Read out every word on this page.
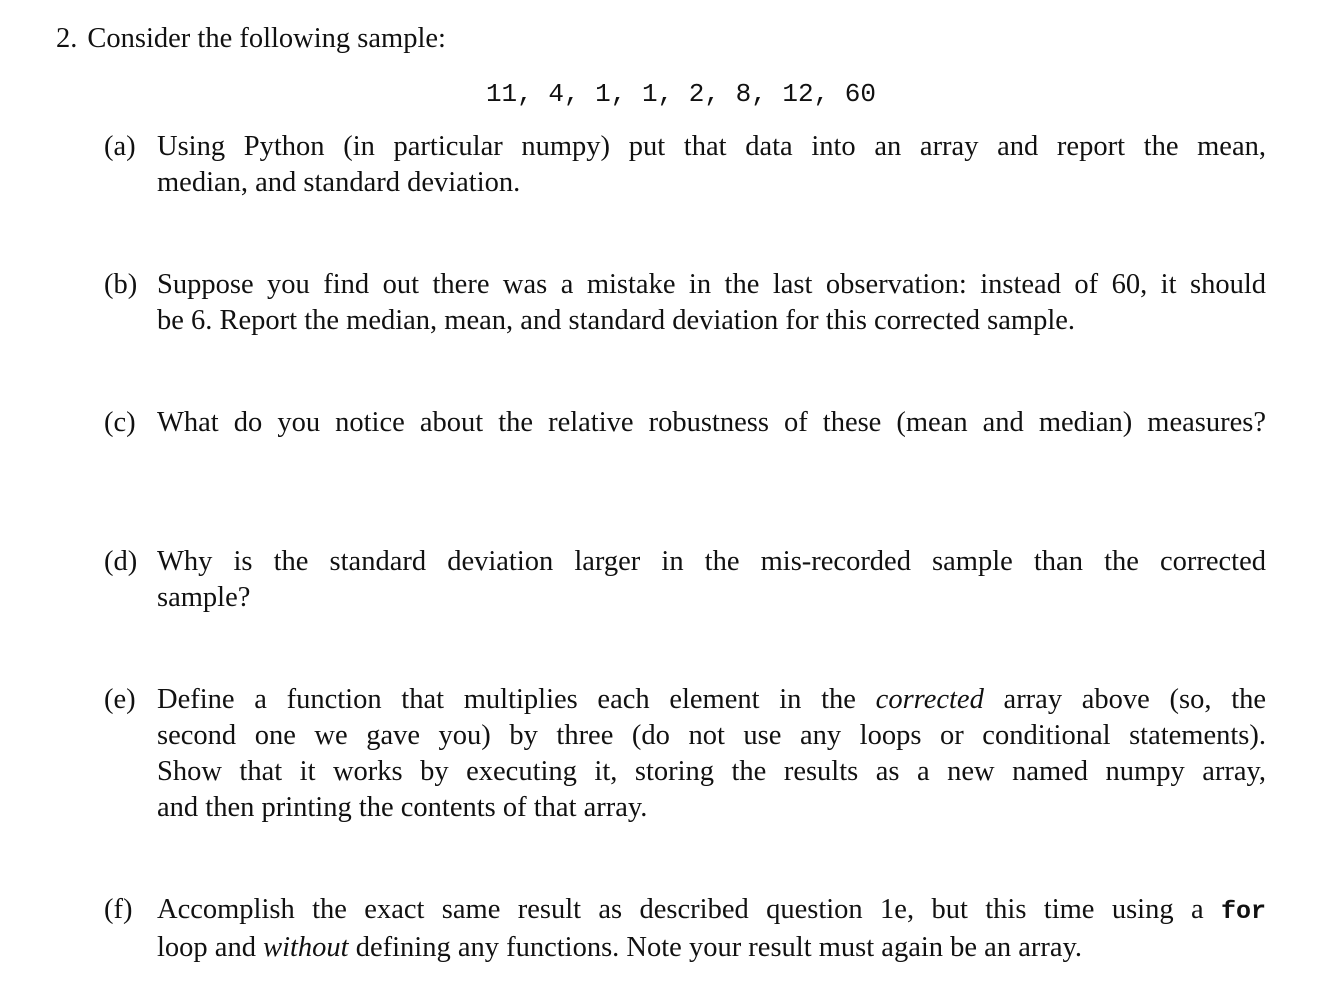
2. Consider the following sample:
11, 4, 1, 1, 2, 8, 12, 60
(a) Using Python (in particular numpy) put that data into an array and report the mean,
median, and standard deviation.
(b) Suppose you find out there was a mistake in the last observation: instead of 60, it should
be 6. Report the median, mean, and standard deviation for this corrected sample.
(c) What do you notice about the relative robustness of these (mean and median) measures?
(d) Why is the standard deviation larger in the mis-recorded sample than the corrected
sample?
(e) Define a function that multiplies each element in the corrected array above (so, the
second one we gave you) by three (do not use any loops or conditional statements).
Show that it works by executing it, storing the results as a new named numpy array,
and then printing the contents of that array.
(f) Accomplish the exact same result as described question 1e, but this time using a for
loop and without defining any functions. Note your result must again be an array.
